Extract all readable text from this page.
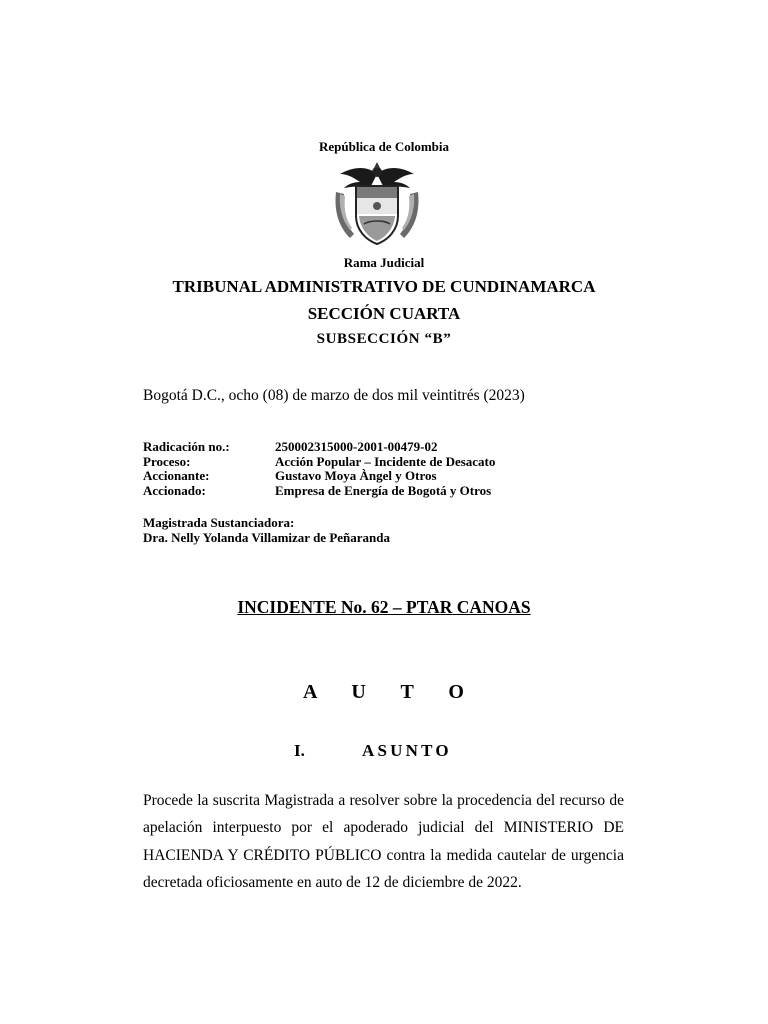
República de Colombia
Rama Judicial
TRIBUNAL ADMINISTRATIVO DE CUNDINAMARCA
SECCIÓN CUARTA
SUBSECCIÓN “B”
Bogotá D.C., ocho (08) de marzo de dos mil veintitrés (2023)
Radicación no.:	250002315000-2001-00479-02
Proceso:	Acción Popular – Incidente de Desacato
Accionante:	Gustavo Moya Àngel y Otros
Accionado:	Empresa de Energía de Bogotá y Otros
Magistrada Sustanciadora:
Dra. Nelly Yolanda Villamizar de Peñaranda
INCIDENTE No. 62 – PTAR CANOAS
A U T O
I.	ASUNTO
Procede la suscrita Magistrada a resolver sobre la procedencia del recurso de apelación interpuesto por el apoderado judicial del MINISTERIO DE HACIENDA Y CRÉDITO PÚBLICO contra la medida cautelar de urgencia decretada oficiosamente en auto de 12 de diciembre de 2022.
